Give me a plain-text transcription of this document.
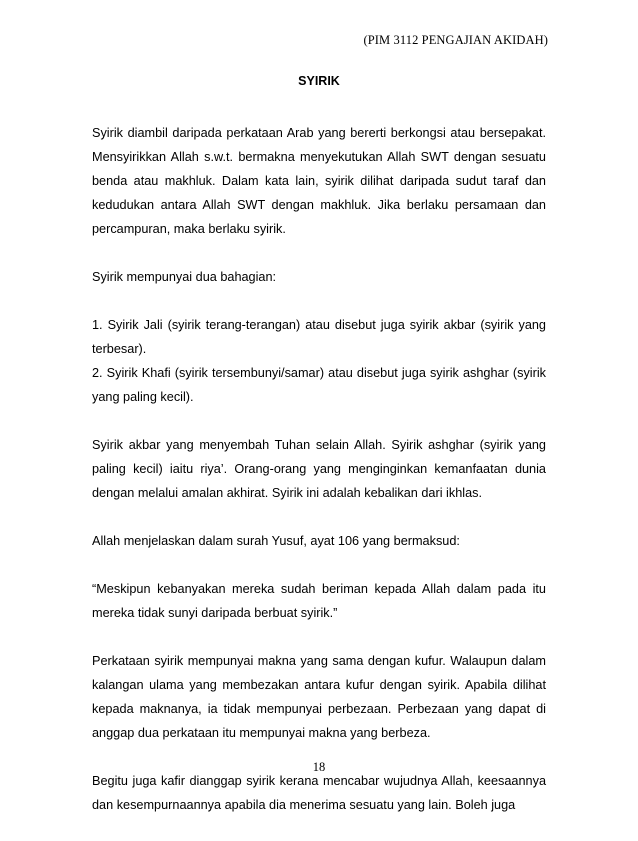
(PIM 3112 PENGAJIAN AKIDAH)
SYIRIK

Syirik diambil daripada perkataan Arab yang bererti berkongsi atau bersepakat. Mensyirikkan Allah s.w.t. bermakna menyekutukan Allah SWT dengan sesuatu benda atau makhluk. Dalam kata lain, syirik dilihat daripada sudut taraf dan kedudukan antara Allah SWT dengan makhluk. Jika berlaku persamaan dan percampuran, maka berlaku syirik.

Syirik mempunyai dua bahagian:

1. Syirik Jali (syirik terang-terangan) atau disebut juga syirik akbar (syirik yang terbesar).

2. Syirik Khafi (syirik tersembunyi/samar) atau disebut juga syirik ashghar (syirik yang paling kecil).

Syirik akbar yang menyembah Tuhan selain Allah. Syirik ashghar (syirik yang paling kecil) iaitu riya’. Orang-orang yang menginginkan kemanfaatan dunia dengan melalui amalan akhirat. Syirik ini adalah kebalikan dari ikhlas.

Allah menjelaskan dalam surah Yusuf, ayat 106 yang bermaksud:

“Meskipun kebanyakan mereka sudah beriman kepada Allah dalam pada itu mereka tidak sunyi daripada berbuat syirik.”

Perkataan syirik mempunyai makna yang sama dengan kufur. Walaupun dalam kalangan ulama yang membezakan antara kufur dengan syirik. Apabila dilihat kepada maknanya, ia tidak mempunyai perbezaan. Perbezaan yang dapat di anggap dua perkataan itu mempunyai makna yang berbeza.

Begitu juga kafir dianggap syirik kerana mencabar wujudnya Allah, keesaannya dan kesempurnaannya apabila dia menerima sesuatu yang lain. Boleh juga

18
